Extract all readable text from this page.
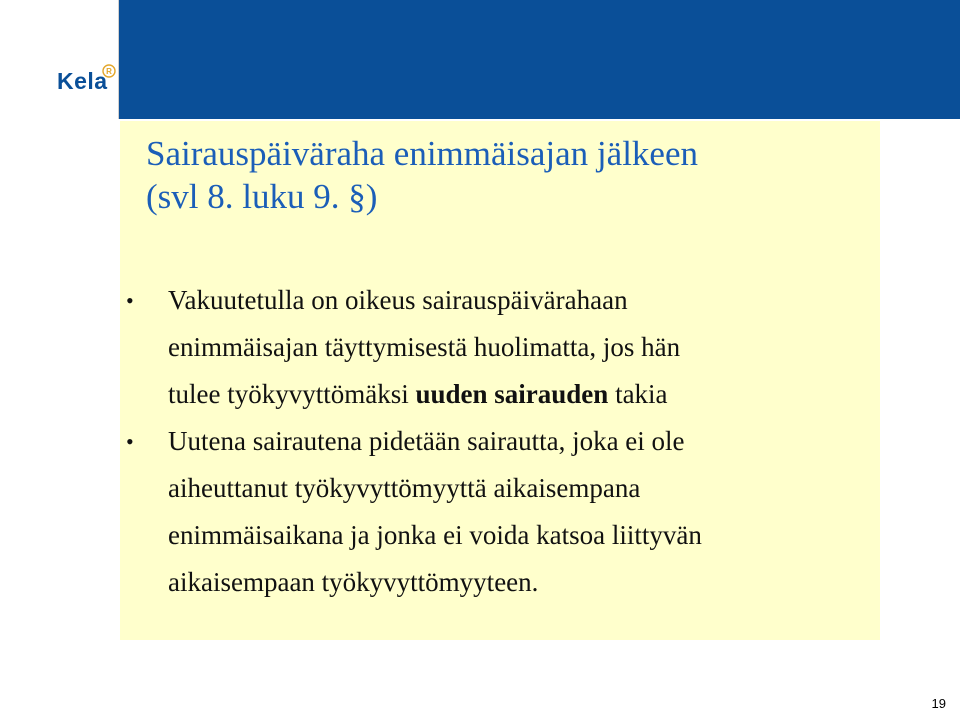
Kela
R
Sairauspäiväraha enimmäisajan jälkeen
(svl 8. luku 9. §)
• Vakuutetulla on oikeus sairauspäivärahaan
enimmäisajan täyttymisestä huolimatta, jos hän
tulee työkyvyttömäksi uuden sairauden takia
• Uutena sairautena pidetään sairautta, joka ei ole
aiheuttanut työkyvyttömyyttä aikaisempana
enimmäisaikana ja jonka ei voida katsoa liittyvän
aikaisempaan työkyvyttömyyteen.
19
